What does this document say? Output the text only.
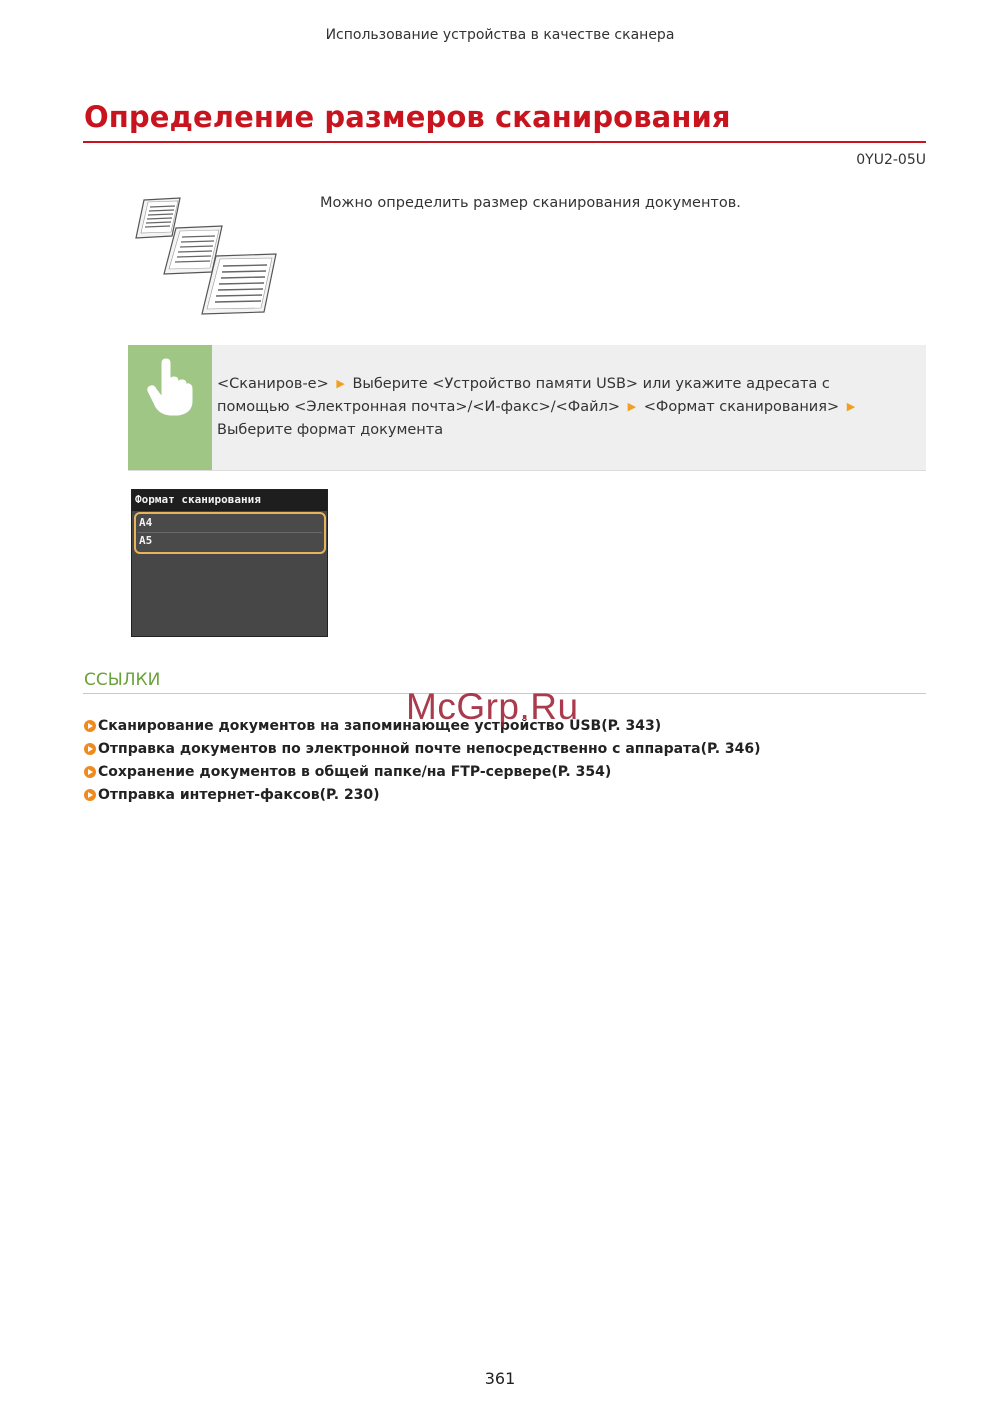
Использование устройства в качестве сканера
Определение размеров сканирования
0YU2-05U
Можно определить размер сканирования документов.
<Сканиров-е> ▶ Выберите <Устройство памяти USB> или укажите адресата с помощью <Электронная почта>/<И-факс>/<Файл> ▶ <Формат сканирования> ▶ Выберите формат документа
Формат сканирования
A4
A5
ССЫЛКИ
Сканирование документов на запоминающее устройство USB(P. 343)
Отправка документов по электронной почте непосредственно с аппарата(P. 346)
Сохранение документов в общей папке/на FTP-сервере(P. 354)
Отправка интернет-факсов(P. 230)
McGrp.Ru
361
